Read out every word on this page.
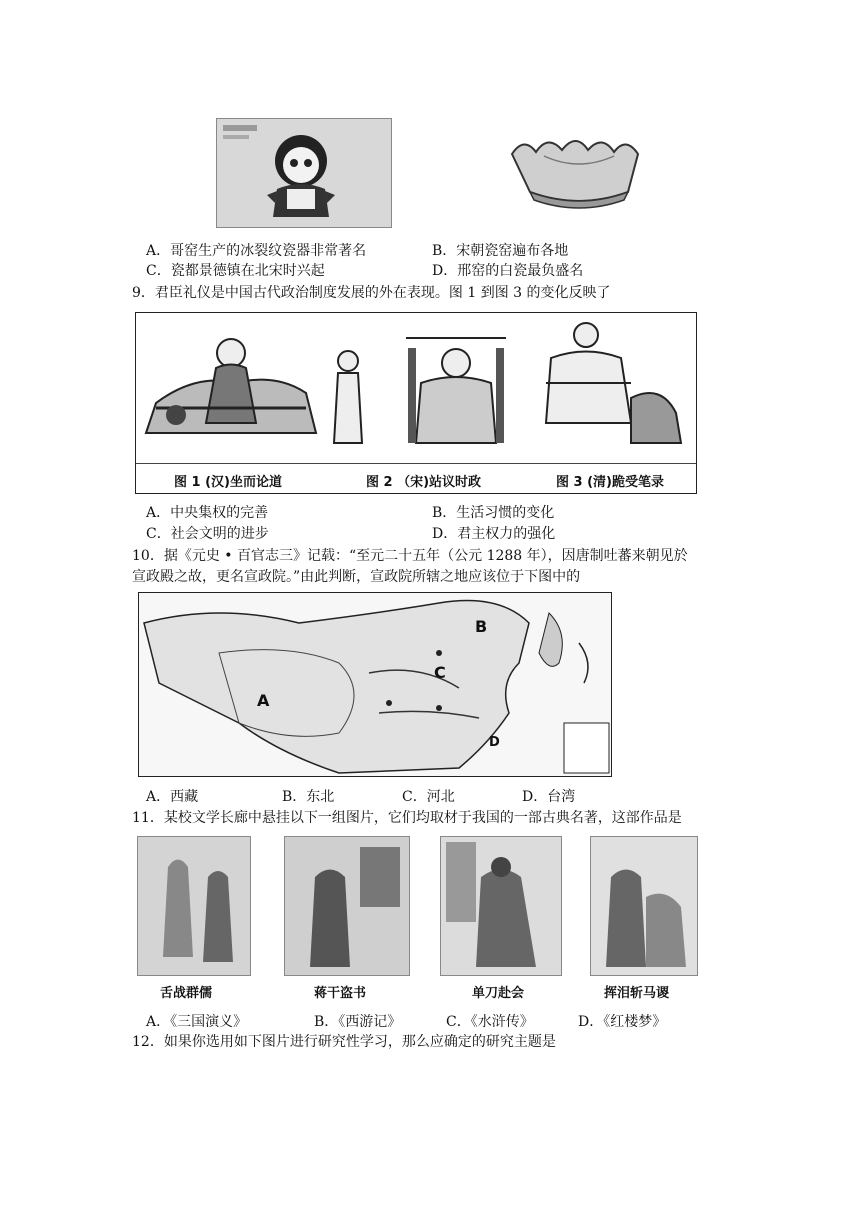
A．哥窑生产的冰裂纹瓷器非常著名	B．宋朝瓷窑遍布各地
C．瓷都景德镇在北宋时兴起	D．邢窑的白瓷最负盛名
9．君臣礼仪是中国古代政治制度发展的外在表现。图 1 到图 3 的变化反映了
图 1 (汉)坐而论道	图 2 （宋)站议时政	图 3 (清)跪受笔录
A．中央集权的完善	B．生活习惯的变化
C．社会文明的进步	D．君主权力的强化
10．据《元史 • 百官志三》记载：“至元二十五年（公元 1288 年），因唐制吐蕃来朝见於
宣政殿之故，更名宣政院。”由此判断，宣政院所辖之地应该位于下图中的
A
B
C
D
A．西藏	B．东北	C．河北	D．台湾
11．某校文学长廊中悬挂以下一组图片，它们均取材于我国的一部古典名著，这部作品是
舌战群儒	蒋干盗书	单刀赴会	挥泪斩马谡
A．《三国演义》	B．《西游记》	C．《水浒传》	D．《红楼梦》
12．如果你选用如下图片进行研究性学习，那么应确定的研究主题是
